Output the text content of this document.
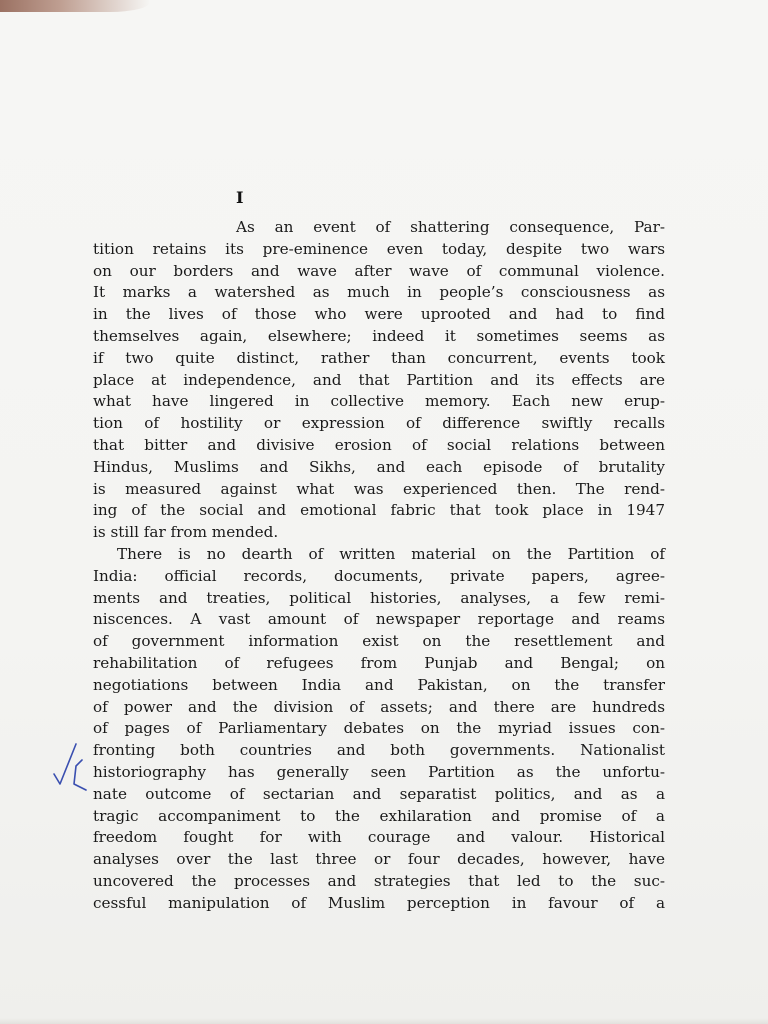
I
As an event of shattering consequence, Par-
tition retains its pre-eminence even today, despite two wars
on our borders and wave after wave of communal violence.
It marks a watershed as much in people’s consciousness as
in the lives of those who were uprooted and had to find
themselves again, elsewhere; indeed it sometimes seems as
if two quite distinct, rather than concurrent, events took
place at independence, and that Partition and its effects are
what have lingered in collective memory. Each new erup-
tion of hostility or expression of difference swiftly recalls
that bitter and divisive erosion of social relations between
Hindus, Muslims and Sikhs, and each episode of brutality
is measured against what was experienced then. The rend-
ing of the social and emotional fabric that took place in 1947
is still far from mended.
There is no dearth of written material on the Partition of
India: official records, documents, private papers, agree-
ments and treaties, political histories, analyses, a few remi-
niscences. A vast amount of newspaper reportage and reams
of government information exist on the resettlement and
rehabilitation of refugees from Punjab and Bengal; on
negotiations between India and Pakistan, on the transfer
of power and the division of assets; and there are hundreds
of pages of Parliamentary debates on the myriad issues con-
fronting both countries and both governments. Nationalist
historiography has generally seen Partition as the unfortu-
nate outcome of sectarian and separatist politics, and as a
tragic accompaniment to the exhilaration and promise of a
freedom fought for with courage and valour. Historical
analyses over the last three or four decades, however, have
uncovered the processes and strategies that led to the suc-
cessful manipulation of Muslim perception in favour of a
